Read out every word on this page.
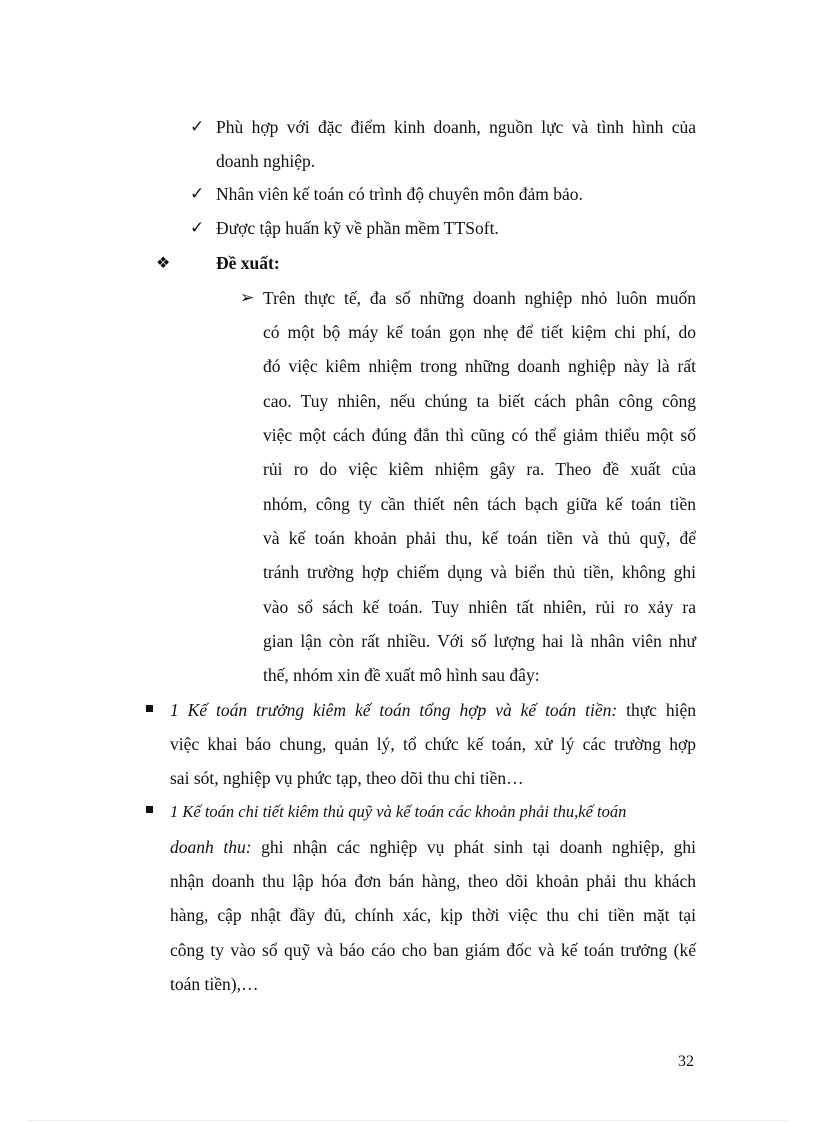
✓ Phù hợp với đặc điểm kinh doanh, nguồn lực và tình hình của
doanh nghiệp.
✓ Nhân viên kế toán có trình độ chuyên môn đảm bảo.
✓ Được tập huấn kỹ về phần mềm TTSoft.
❖	Đề xuất:
➢ Trên thực tế, đa số những doanh nghiệp nhỏ luôn muốn
có một bộ máy kế toán gọn nhẹ để tiết kiệm chi phí, do
đó việc kiêm nhiệm trong những doanh nghiệp này là rất
cao. Tuy nhiên, nếu chúng ta biết cách phân công công
việc một cách đúng đắn thì cũng có thể giảm thiểu một số
rủi ro do việc kiêm nhiệm gây ra. Theo đề xuất của
nhóm, công ty cần thiết nên tách bạch giữa kế toán tiền
và kế toán khoản phải thu, kế toán tiền và thủ quỹ, để
tránh trường hợp chiếm dụng và biển thủ tiền, không ghi
vào sổ sách kế toán. Tuy nhiên tất nhiên, rủi ro xảy ra
gian lận còn rất nhiều. Với số lượng hai là nhân viên như
thế, nhóm xin đề xuất mô hình sau đây:
1 Kế toán trưởng kiêm kế toán tổng hợp và kế toán tiền: thực hiện
việc khai báo chung, quản lý, tổ chức kế toán, xử lý các trường hợp
sai sót, nghiệp vụ phức tạp, theo dõi thu chi tiền…
1 Kế toán chi tiết kiêm thủ quỹ và kế toán các khoản phải thu,kế toán
doanh thu: ghi nhận các nghiệp vụ phát sinh tại doanh nghiệp, ghi
nhận doanh thu lập hóa đơn bán hàng, theo dõi khoản phải thu khách
hàng, cập nhật đầy đủ, chính xác, kịp thời việc thu chi tiền mặt tại
công ty vào sổ quỹ và báo cáo cho ban giám đốc và kế toán trưởng (kế
toán tiền),…
32
